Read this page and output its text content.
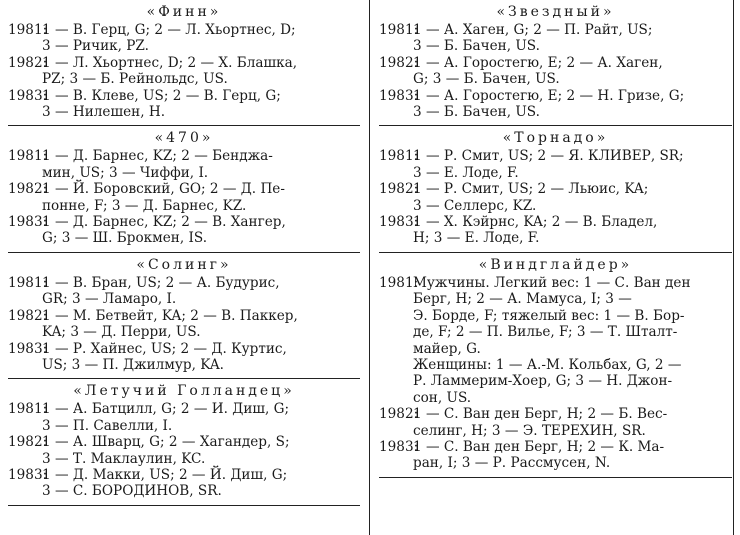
«Финн»
1981:1 — В. Герц, G; 2 — Л. Хьортнес, D;
3 — Ричик, PZ.
1982:1 — Л. Хьортнес, D; 2 — Х. Блашка,
PZ; 3 — Б. Рейнольдс, US.
1983:1 — В. Клеве, US; 2 — В. Герц, G;
3 — Нилешен, H.
«470»
1981:1 — Д. Барнес, KZ; 2 — Бенджа-
мин, US; 3 — Чиффи, I.
1982:1 — Й. Боровский, GO; 2 — Д. Пе-
понне, F; 3 — Д. Барнес, KZ.
1983:1 — Д. Барнес, KZ; 2 — В. Хангер,
G; 3 — Ш. Брокмен, IS.
«Солинг»
1981:1 — В. Бран, US; 2 — А. Будурис,
GR; 3 — Ламаро, I.
1982:1 — М. Бетвейт, KA; 2 — В. Паккер,
KA; 3 — Д. Перри, US.
1983:1 — Р. Хайнес, US; 2 — Д. Куртис,
US; 3 — П. Джилмур, KA.
«Летучий Голландец»
1981:1 — А. Батцилл, G; 2 — И. Диш, G;
3 — П. Савелли, I.
1982:1 — А. Шварц, G; 2 — Хагандер, S;
3 — Т. Маклаулин, KC.
1983:1 — Д. Макки, US; 2 — Й. Диш, G;
3 — С. БОРОДИНОВ, SR.
«Звездный»
1981:1 — А. Хаген, G; 2 — П. Райт, US;
3 — Б. Бачен, US.
1982:1 — А. Горостегю, E; 2 — А. Хаген,
G; 3 — Б. Бачен, US.
1983:1 — А. Горостегю, E; 2 — Н. Гризе, G;
3 — Б. Бачен, US.
«Торнадо»
1981:1 — Р. Смит, US; 2 — Я. КЛИВЕР, SR;
3 — Е. Лоде, F.
1982:1 — Р. Смит, US; 2 — Льюис, KA;
3 — Селлерс, KZ.
1983:1 — Х. Кэйрнс, KA; 2 — В. Бладел,
H; 3 — Е. Лоде, F.
«Виндглайдер»
1981:Мужчины. Легкий вес: 1 — С. Ван ден
Берг, H; 2 — А. Мамуса, I; 3 —
Э. Борде, F; тяжелый вес: 1 — В. Бор-
де, F; 2 — П. Вилье, F; 3 — Т. Шталт-
майер, G.
Женщины: 1 — А.-М. Кольбах, G, 2 —
Р. Ламмерим-Хоер, G; 3 — Н. Джон-
сон, US.
1982:1 — С. Ван ден Берг, H; 2 — Б. Вес-
селинг, H; 3 — Э. ТЕРЕХИН, SR.
1983:1 — С. Ван ден Берг, H; 2 — К. Ма-
ран, I; 3 — Р. Рассмусен, N.
